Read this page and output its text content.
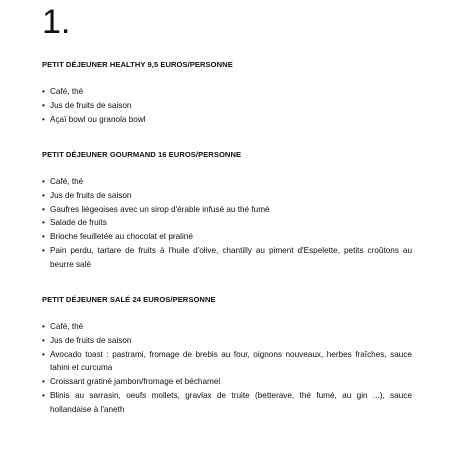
1.
PETIT DÉJEUNER HEALTHY 9,5 EUROS/PERSONNE
• Café, thé
• Jus de fruits de saison
• Açaï bowl ou granola bowl
PETIT DÉJEUNER GOURMAND 16 EUROS/PERSONNE
• Café, thé
• Jus de fruits de saison
• Gaufres liégeoises avec un sirop d'érable infusé au thé fumé
• Salade de fruits
• Brioche feuilletée au chocolat et praliné
• Pain perdu, tartare de fruits à l'huile d'olive, chantilly au piment d'Espelette, petits croûtons au beurre salé
PETIT DÉJEUNER SALÉ 24 EUROS/PERSONNE
• Café, thé
• Jus de fruits de saison
• Avocado toast : pastrami, fromage de brebis au four, oignons nouveaux, herbes fraîches, sauce tahini et curcuma
• Croissant gratiné jambon/fromage et béchamel
• Blinis au sarrasin, oeufs mollets, gravlax de truite (betterave, thé fumé, au gin ...), sauce hollandaise à l'aneth
